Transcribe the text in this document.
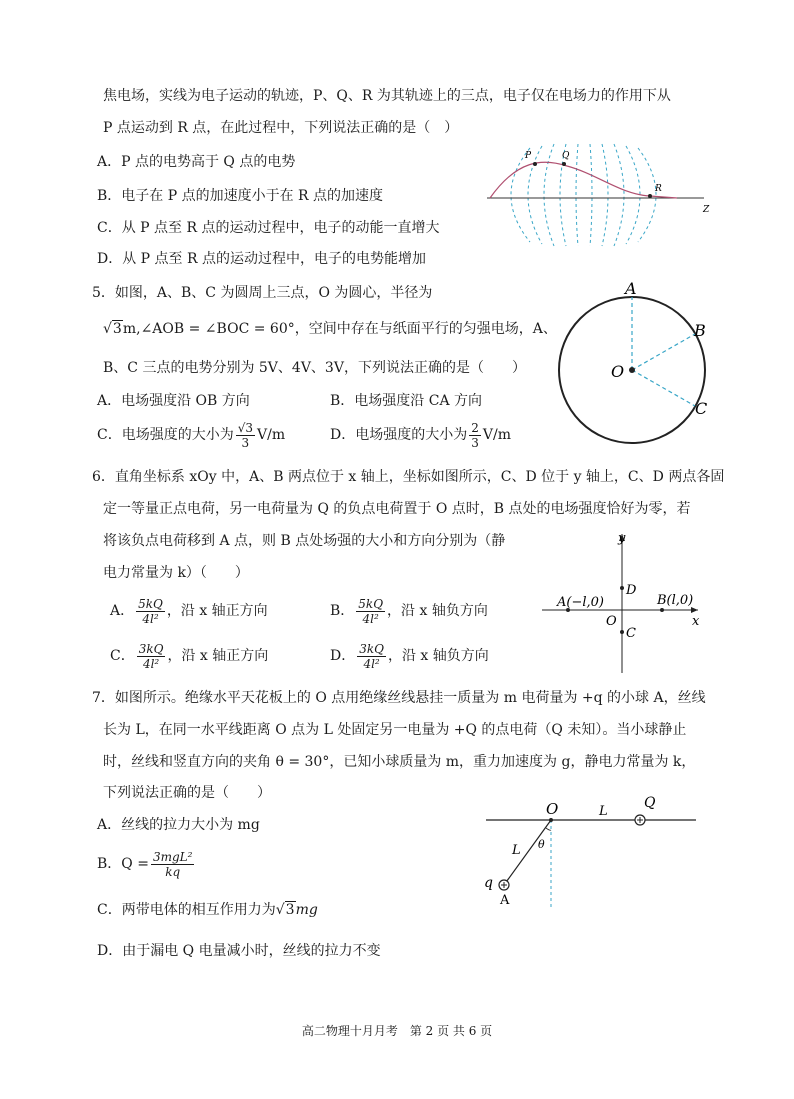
焦电场，实线为电子运动的轨迹，P、Q、R 为其轨迹上的三点，电子仅在电场力的作用下从
P 点运动到 R 点，在此过程中，下列说法正确的是（　）
A．P 点的电势高于 Q 点的电势
B．电子在 P 点的加速度小于在 R 点的加速度
C．从 P 点至 R 点的运动过程中，电子的动能一直增大
D．从 P 点至 R 点的运动过程中，电子的电势能增加
P	Q
R
Z
5．如图，A、B、C 为圆周上三点，O 为圆心，半径为
√3m,∠AOB = ∠BOC = 60°，空间中存在与纸面平行的匀强电场，A、
B、C 三点的电势分别为 5V、4V、3V，下列说法正确的是（　　）
A．电场强度沿 OB 方向	B．电场强度沿 CA 方向
C．电场强度的大小为 $\frac{√3}{3} V/m$	D．电场强度的大小为 $\frac{2}{3} V/m$
A
B
C
O
6．直角坐标系 xOy 中，A、B 两点位于 x 轴上，坐标如图所示，C、D 位于 y 轴上，C、D 两点各固
定一等量正点电荷，另一电荷量为 Q 的负点电荷置于 O 点时，B 点处的电场强度恰好为零，若
将该负点电荷移到 A 点，则 B 点处场强的大小和方向分别为（静
电力常量为 k）（　　）
A． $\frac{5kQ}{\text{4l²}}$ ，沿 x 轴正方向	B． $\frac{5kQ}{\text{4l²}}$ ，沿 x 轴负方向
C． $\frac{3kQ}{\text{4l²}}$ ，沿 x 轴正方向	D． $\frac{3kQ}{\text{4l²}}$ ，沿 x 轴负方向
y
x
D
O
C
A(−l,0)	B(l,0)
7．如图所示。绝缘水平天花板上的 O 点用绝缘丝线悬挂一质量为 m 电荷量为 +q 的小球 A，丝线
长为 L，在同一水平线距离 O 点为 L 处固定另一电量为 +Q 的点电荷（Q 未知）。当小球静止
时，丝线和竖直方向的夹角 θ = 30°，已知小球质量为 m，重力加速度为 g，静电力常量为 k，
下列说法正确的是（　　）
A．丝线的拉力大小为 mg
B．$Q = \frac{\text{3mgL²}}{kq}$
C．两带电体的相互作用力为√3mg
D．由于漏电 Q 电量减小时，丝线的拉力不变
O	L
Q
L θ
q
A
高二物理十月月考　第 2 页 共 6 页
